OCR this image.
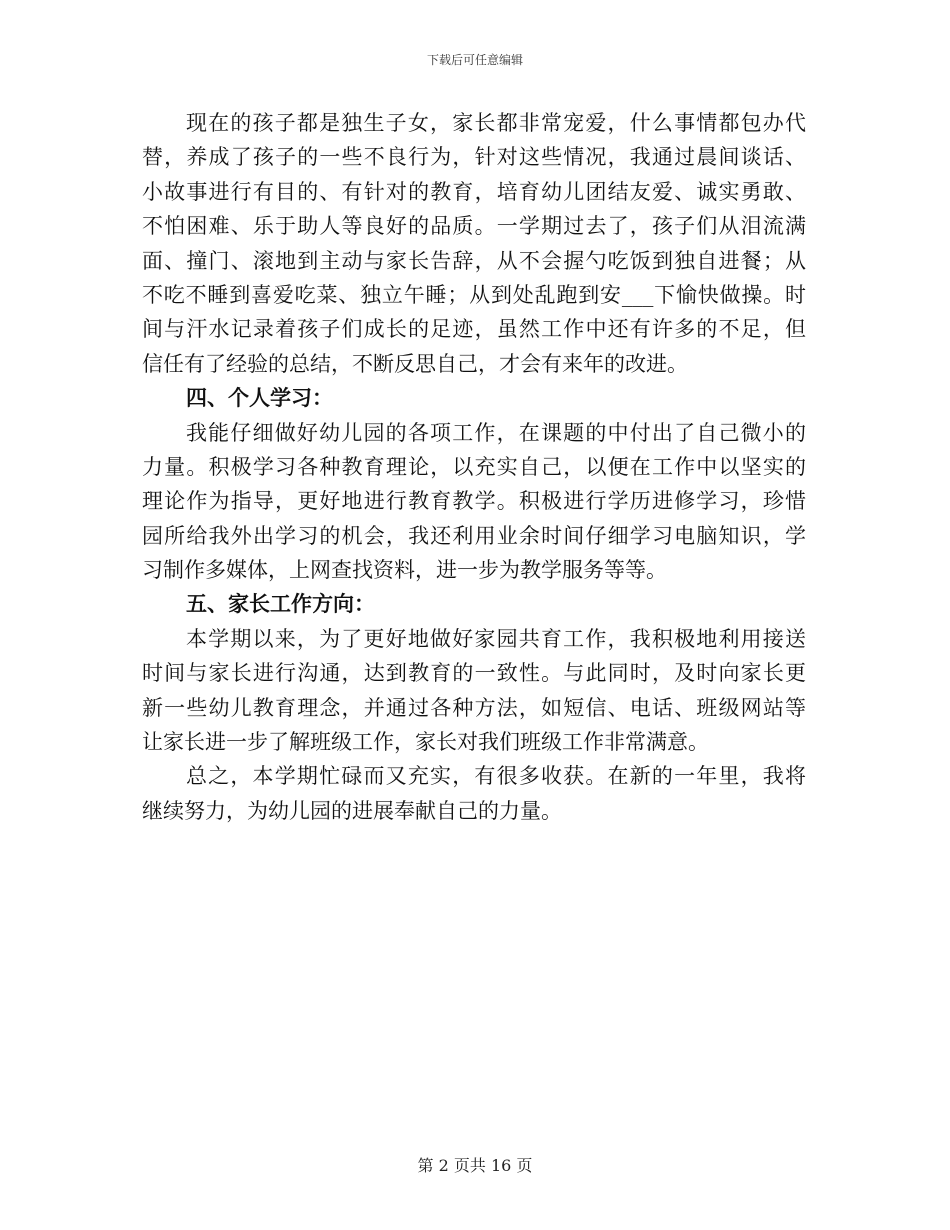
下载后可任意编辑
现在的孩子都是独生子女，家长都非常宠爱，什么事情都包办代
替，养成了孩子的一些不良行为，针对这些情况，我通过晨间谈话、
小故事进行有目的、有针对的教育，培育幼儿团结友爱、诚实勇敢、
不怕困难、乐于助人等良好的品质。一学期过去了，孩子们从泪流满
面、撞门、滚地到主动与家长告辞，从不会握勺吃饭到独自进餐；从
不吃不睡到喜爱吃菜、独立午睡；从到处乱跑到安___下愉快做操。时
间与汗水记录着孩子们成长的足迹，虽然工作中还有许多的不足，但
信任有了经验的总结，不断反思自己，才会有来年的改进。
四、个人学习：
我能仔细做好幼儿园的各项工作，在课题的中付出了自己微小的
力量。积极学习各种教育理论，以充实自己，以便在工作中以坚实的
理论作为指导，更好地进行教育教学。积极进行学历进修学习，珍惜
园所给我外出学习的机会，我还利用业余时间仔细学习电脑知识，学
习制作多媒体，上网查找资料，进一步为教学服务等等。
五、家长工作方向：
本学期以来，为了更好地做好家园共育工作，我积极地利用接送
时间与家长进行沟通，达到教育的一致性。与此同时，及时向家长更
新一些幼儿教育理念，并通过各种方法，如短信、电话、班级网站等
让家长进一步了解班级工作，家长对我们班级工作非常满意。
总之，本学期忙碌而又充实，有很多收获。在新的一年里，我将
继续努力，为幼儿园的进展奉献自己的力量。
第 2 页共 16 页
